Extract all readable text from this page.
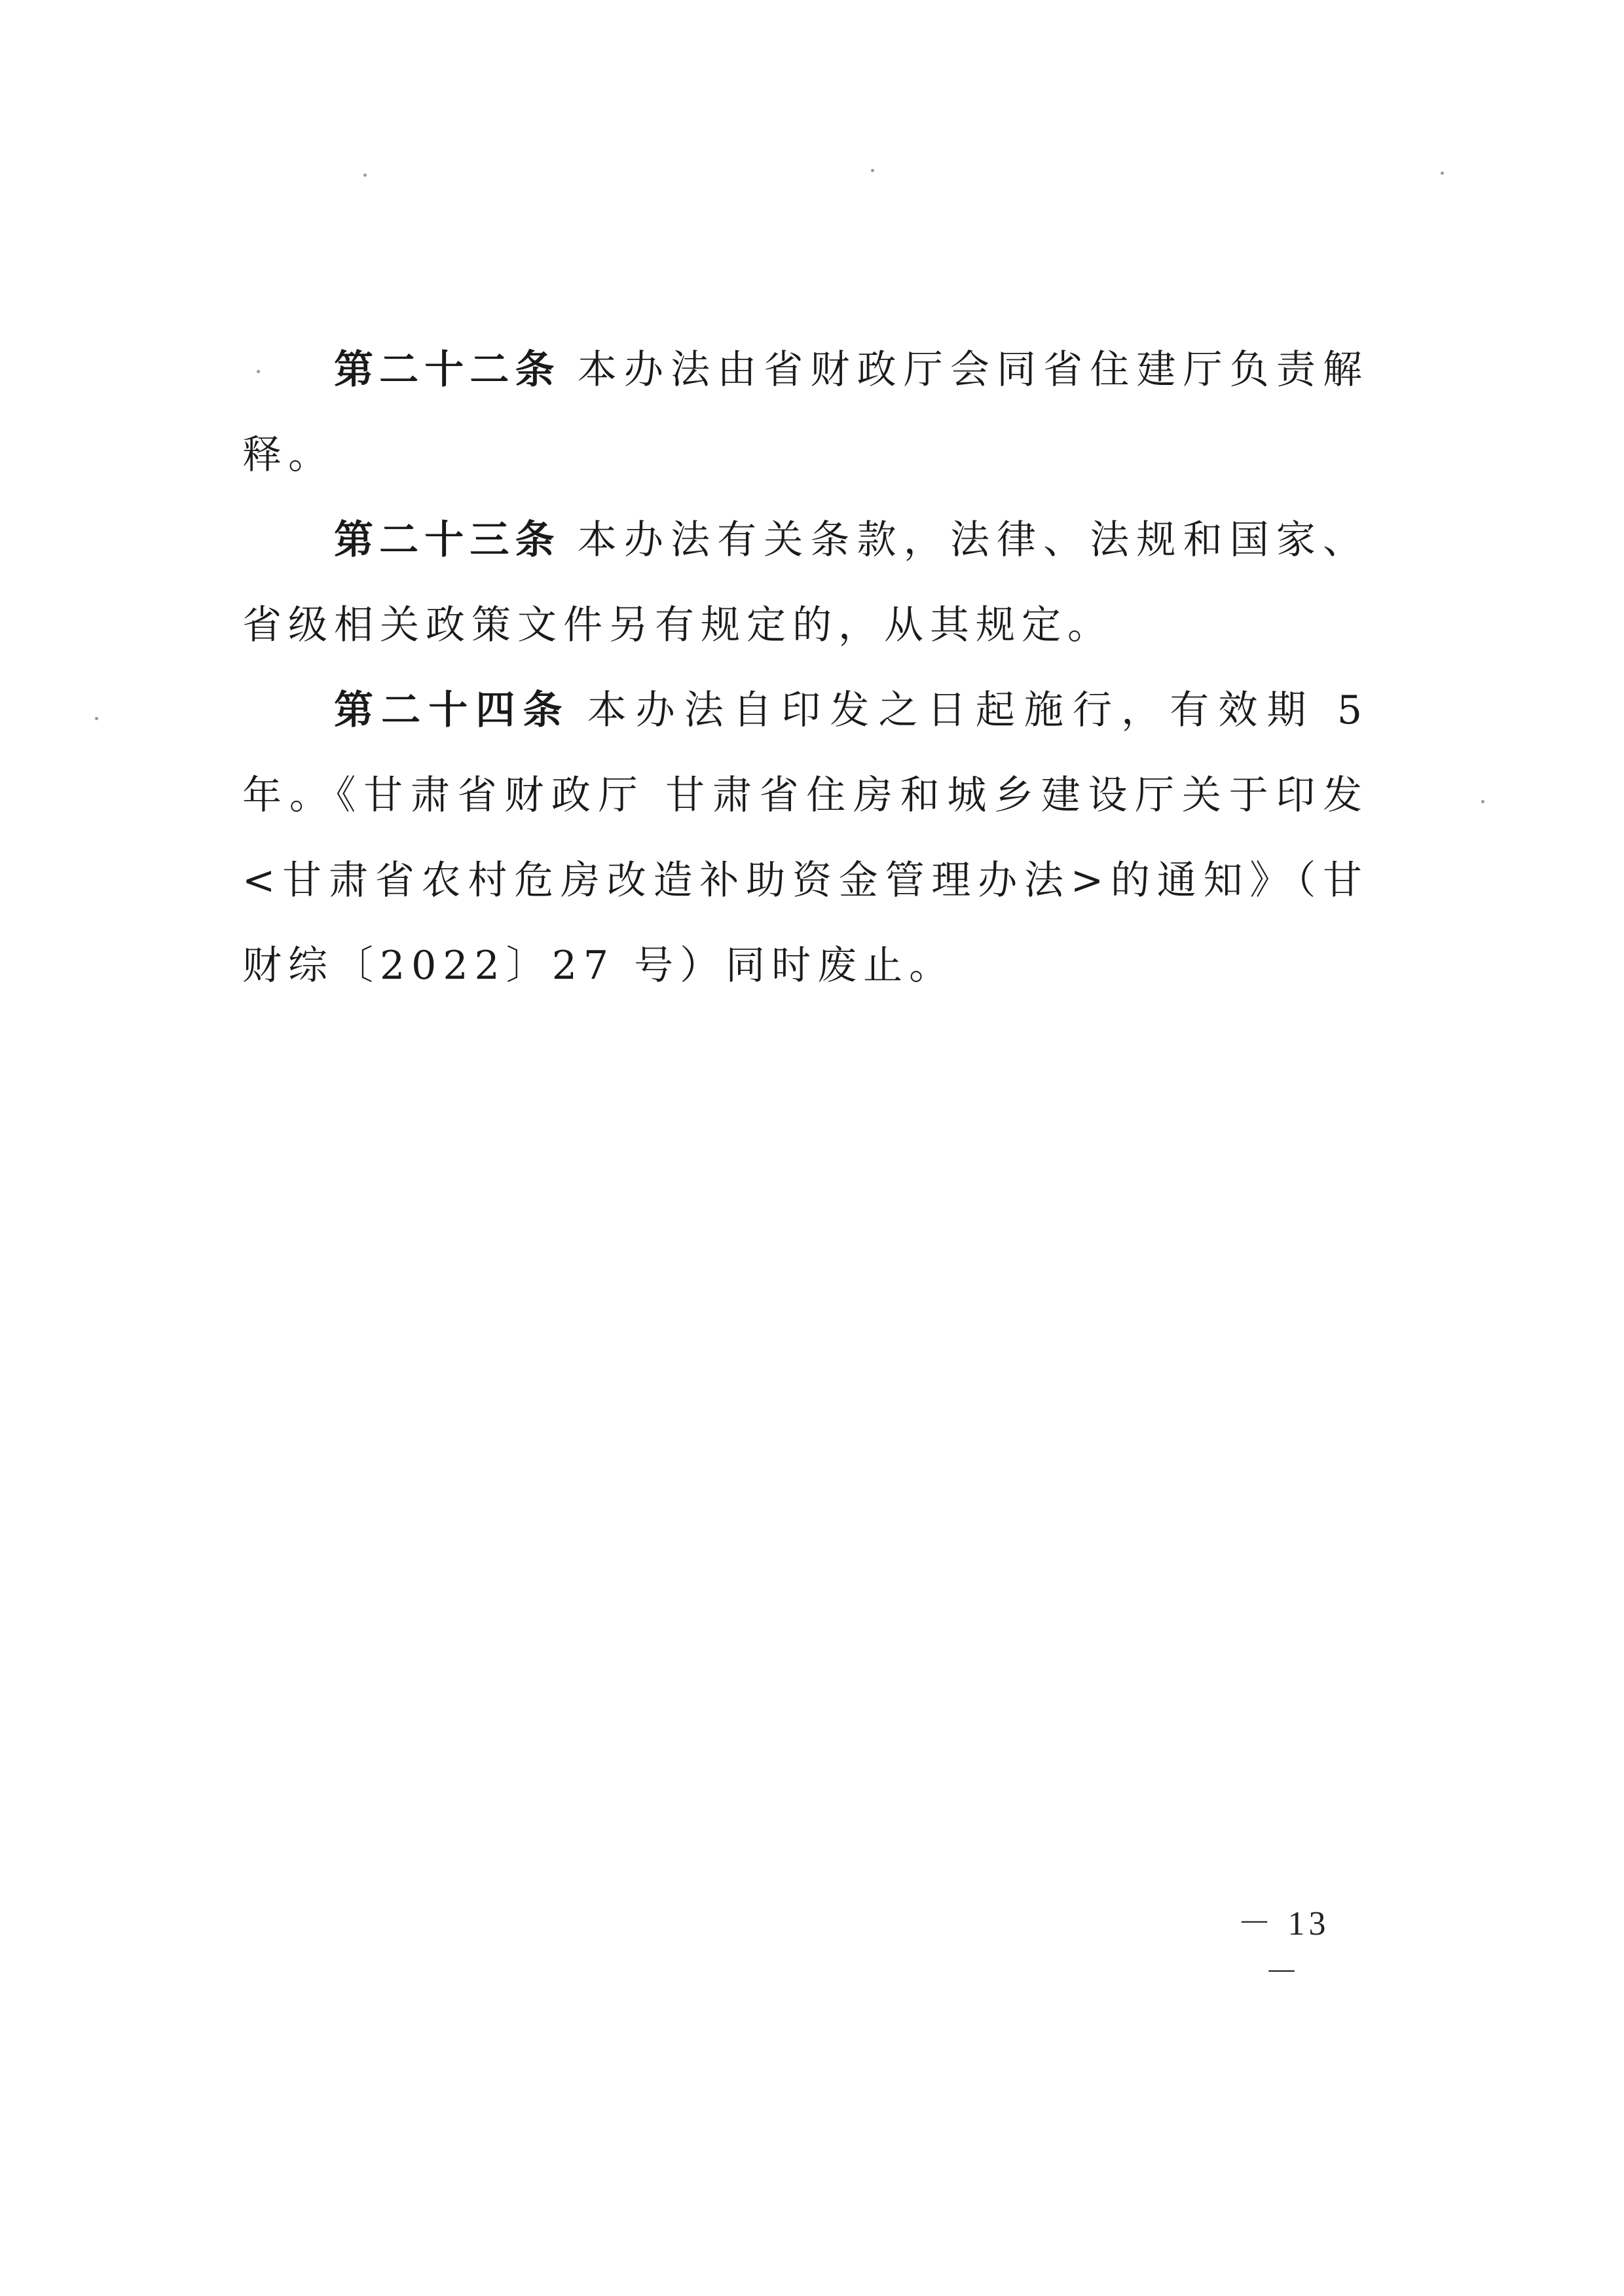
第二十二条 本办法由省财政厅会同省住建厅负责解释。

第二十三条 本办法有关条款，法律、法规和国家、省级相关政策文件另有规定的，从其规定。

第二十四条 本办法自印发之日起施行，有效期 5 年。《甘肃省财政厅 甘肃省住房和城乡建设厅关于印发<甘肃省农村危房改造补助资金管理办法>的通知》（甘财综〔2022〕27 号）同时废止。

－ 13 －
